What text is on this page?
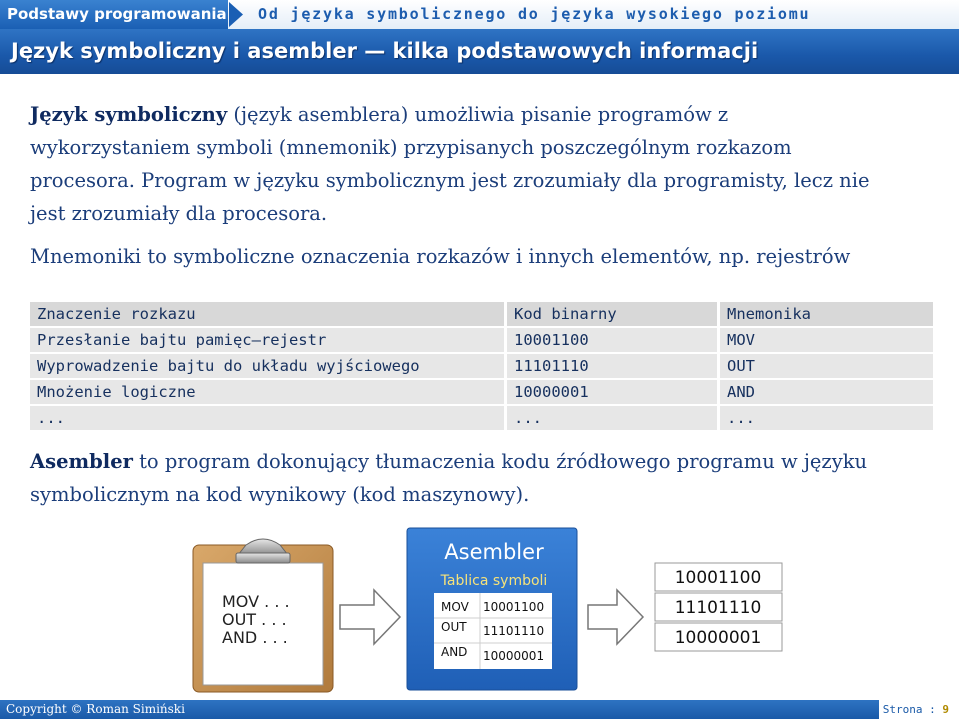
Podstawy programowania Od języka symbolicznego do języka wysokiego poziomu
Język symboliczny i asembler — kilka podstawowych informacji
Język symboliczny (język asemblera) umożliwia pisanie programów z
wykorzystaniem symboli (mnemonik) przypisanych poszczególnym rozkazom
procesora. Program w języku symbolicznym jest zrozumiały dla programisty, lecz nie
jest zrozumiały dla procesora.
Mnemoniki to symboliczne oznaczenia rozkazów i innych elementów, np. rejestrów
Znaczenie rozkazu	Kod binarny	Mnemonika
Przesłanie bajtu pamięc—rejestr	10001100	MOV
Wyprowadzenie bajtu do układu wyjściowego	11101110	OUT
Mnożenie logiczne	10000001	AND
...	...	...
Asembler to program dokonujący tłumaczenia kodu źródłowego programu w języku
symbolicznym na kod wynikowy (kod maszynowy).
MOV . . .
OUT . . .
AND . . .
Asembler
Tablica symboli
MOV 10001100
OUT 11101110
AND 10000001
10001100
11101110
10000001
Copyright © Roman Simiński	Strona : 9
